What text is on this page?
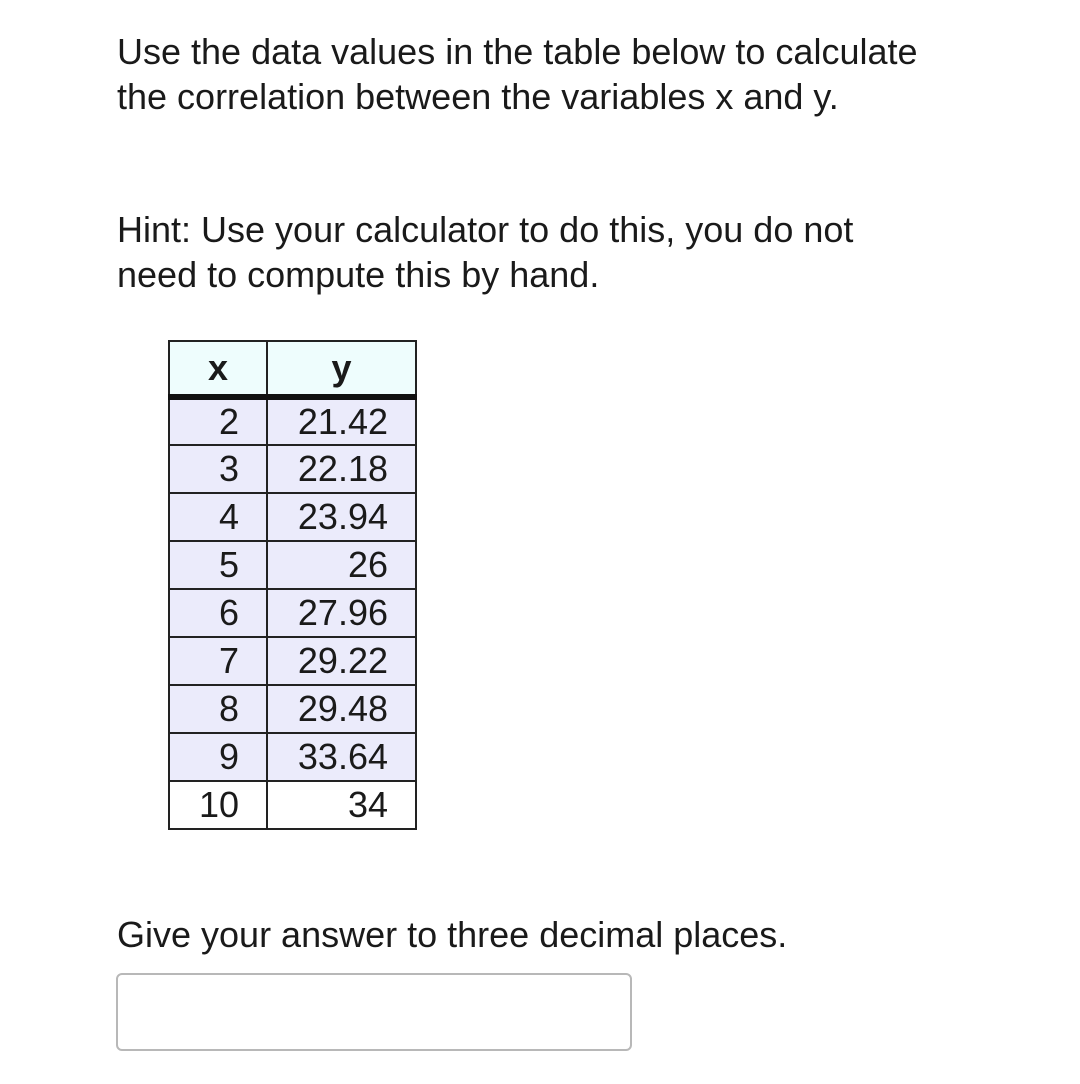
Use the data values in the table below to calculate
the correlation between the variables x and y.

Hint: Use your calculator to do this, you do not
need to compute this by hand.

x	y
2	21.42
3	22.18
4	23.94
5	26
6	27.96
7	29.22
8	29.48
9	33.64
10	34

Give your answer to three decimal places.
